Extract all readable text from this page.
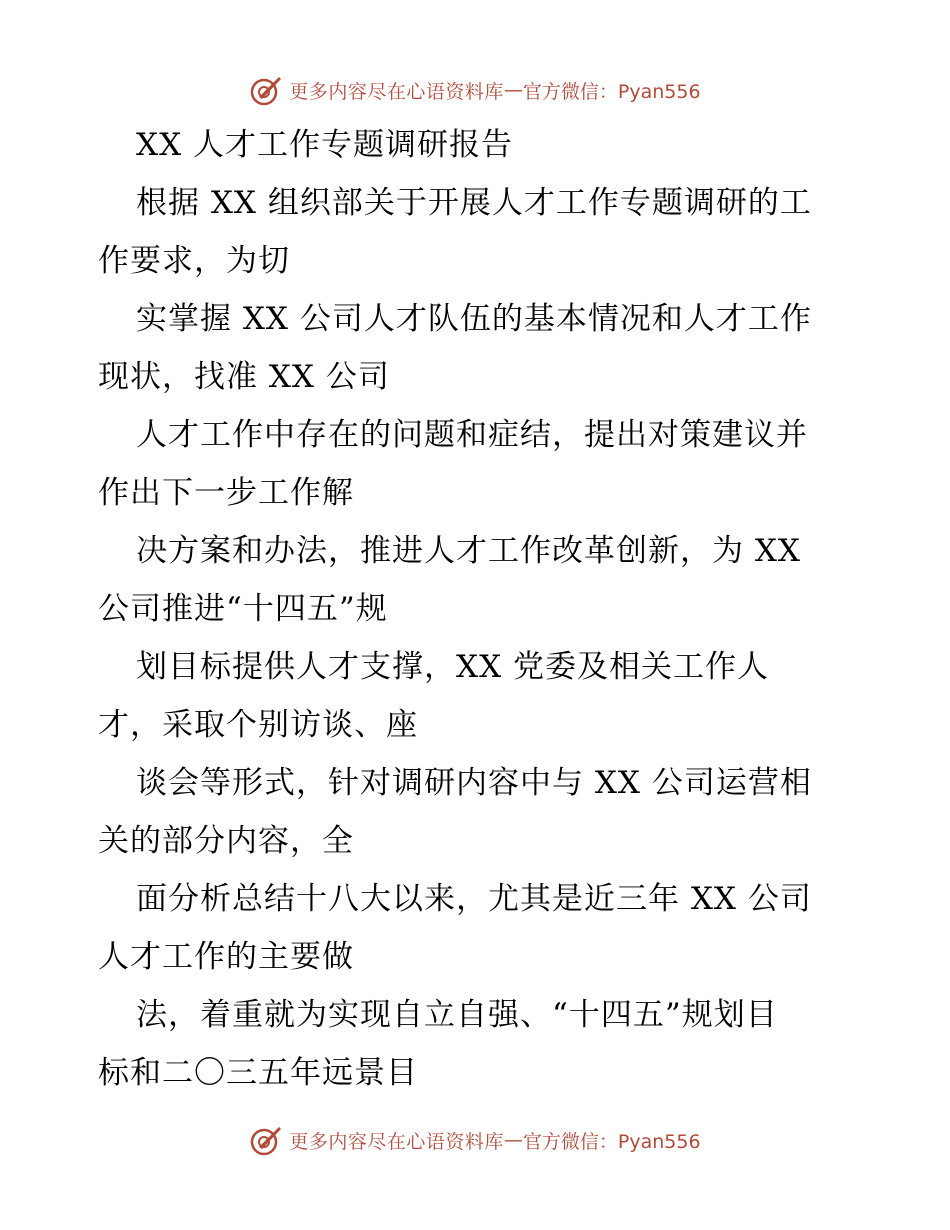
更多内容尽在心语资料库 — 官方微信：Pyan556
XX 人才工作专题调研报告
根据 XX 组织部关于开展人才工作专题调研的工
作要求，为切
实掌握 XX 公司人才队伍的基本情况和人才工作
现状，找准 XX 公司
人才工作中存在的问题和症结，提出对策建议并
作出下一步工作解
决方案和办法，推进人才工作改革创新，为 XX
公司推进“十四五”规
划目标提供人才支撑，XX 党委及相关工作人
才，采取个别访谈、座
谈会等形式，针对调研内容中与 XX 公司运营相
关的部分内容，全
面分析总结十八大以来，尤其是近三年 XX 公司
人才工作的主要做
法，着重就为实现自立自强、“十四五”规划目
标和二〇三五年远景目
更多内容尽在心语资料库 — 官方微信：Pyan556
